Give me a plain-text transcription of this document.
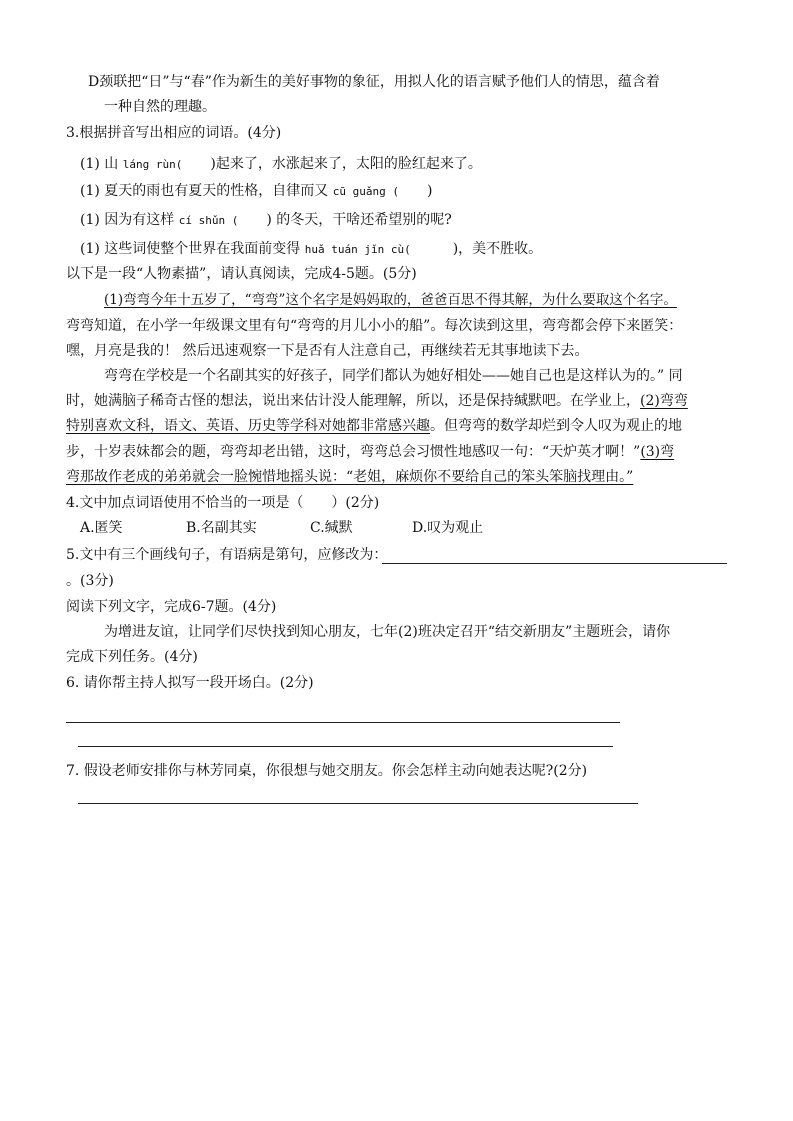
D颈联把“日”与“春”作为新生的美好事物的象征，用拟人化的语言赋予他们人的情思，蕴含着
一种自然的理趣。
3.根据拼音写出相应的词语。(4分)
(1) 山 láng rùn(　　 )起来了，水涨起来了，太阳的脸红起来了。
(1) 夏天的雨也有夏天的性格，自律而又 cū guǎng (　　 )
(1) 因为有这样 cí shǔn (　　 ) 的冬天，干啥还希望别的呢?
(1) 这些词使整个世界在我面前变得 huǎ tuán jǐn cù(　　　	)，美不胜收。
以下是一段“人物素描”，请认真阅读，完成4-5题。(5分)
(1)弯弯今年十五岁了，“弯弯”这个名字是妈妈取的，爸爸百思不得其解，为什么要取这个名字。
弯弯知道，在小学一年级课文里有句“弯弯的月儿小小的船”。每次读到这里，弯弯都会停下来匿笑：
嘿，月亮是我的！ 然后迅速观察一下是否有人注意自己，再继续若无其事地读下去。
弯弯在学校是一个名副其实的好孩子，同学们都认为她好相处——她自己也是这样认为的。” 同
时，她满脑子稀奇古怪的想法，说出来估计没人能理解，所以，还是保持缄默吧。在学业上，(2)弯弯
特别喜欢文科，语文、英语、历史等学科对她都非常感兴趣。但弯弯的数学却烂到令人叹为观止的地
步，十岁表妹都会的题，弯弯却老出错，这时，弯弯总会习惯性地感叹一句：“天炉英才啊！”(3)弯
弯那故作老成的弟弟就会一脸惋惜地摇头说：“老姐，麻烦你不要给自己的笨头笨脑找理由。”
4.文中加点词语使用不恰当的一项是（　　）(2分)
A.匿笑	B.名副其实	C.缄默	D.叹为观止
5.文中有三个画线句子，有语病是第句，应修改为：
。(3分)
阅读下列文字，完成6-7题。(4分)
为增进友谊，让同学们尽快找到知心朋友，七年(2)班决定召开“结交新朋友”主题班会，请你
完成下列任务。(4分)
6. 请你帮主持人拟写一段开场白。(2分)
7. 假设老师安排你与林芳同桌，你很想与她交朋友。你会怎样主动向她表达呢?(2分)
